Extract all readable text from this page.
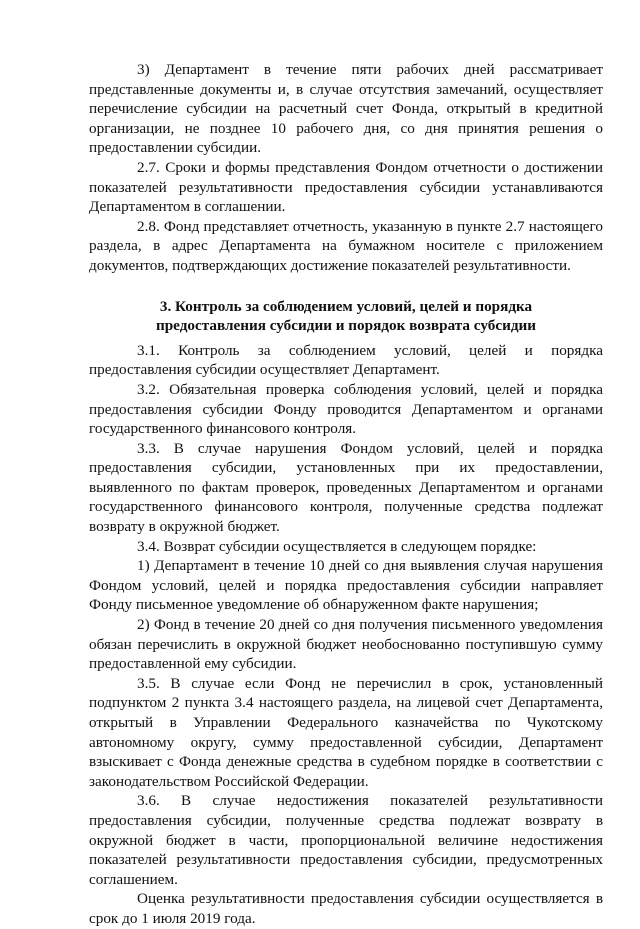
3) Департамент в течение пяти рабочих дней рассматривает представленные документы и, в случае отсутствия замечаний, осуществляет перечисление субсидии на расчетный счет Фонда, открытый в кредитной организации, не позднее 10 рабочего дня, со дня принятия решения о предоставлении субсидии.

2.7. Сроки и формы представления Фондом отчетности о достижении показателей результативности предоставления субсидии устанавливаются Департаментом в соглашении.

2.8. Фонд представляет отчетность, указанную в пункте 2.7 настоящего раздела, в адрес Департамента на бумажном носителе с приложением документов, подтверждающих достижение показателей результативности.

3. Контроль за соблюдением условий, целей и порядка
предоставления субсидии и порядок возврата субсидии

3.1. Контроль за соблюдением условий, целей и порядка предоставления субсидии осуществляет Департамент.

3.2. Обязательная проверка соблюдения условий, целей и порядка предоставления субсидии Фонду проводится Департаментом и органами государственного финансового контроля.

3.3. В случае нарушения Фондом условий, целей и порядка предоставления субсидии, установленных при их предоставлении, выявленного по фактам проверок, проведенных Департаментом и органами государственного финансового контроля, полученные средства подлежат возврату в окружной бюджет.

3.4. Возврат субсидии осуществляется в следующем порядке:

1) Департамент в течение 10 дней со дня выявления случая нарушения Фондом условий, целей и порядка предоставления субсидии направляет Фонду письменное уведомление об обнаруженном факте нарушения;

2) Фонд в течение 20 дней со дня получения письменного уведомления обязан перечислить в окружной бюджет необоснованно поступившую сумму предоставленной ему субсидии.

3.5. В случае если Фонд не перечислил в срок, установленный подпунктом 2 пункта 3.4 настоящего раздела, на лицевой счет Департамента, открытый в Управлении Федерального казначейства по Чукотскому автономному округу, сумму предоставленной субсидии, Департамент взыскивает с Фонда денежные средства в судебном порядке в соответствии с законодательством Российской Федерации.

3.6. В случае недостижения показателей результативности предоставления субсидии, полученные средства подлежат возврату в окружной бюджет в части, пропорциональной величине недостижения показателей результативности предоставления субсидии, предусмотренных соглашением.

Оценка результативности предоставления субсидии осуществляется в срок до 1 июля 2019 года.
